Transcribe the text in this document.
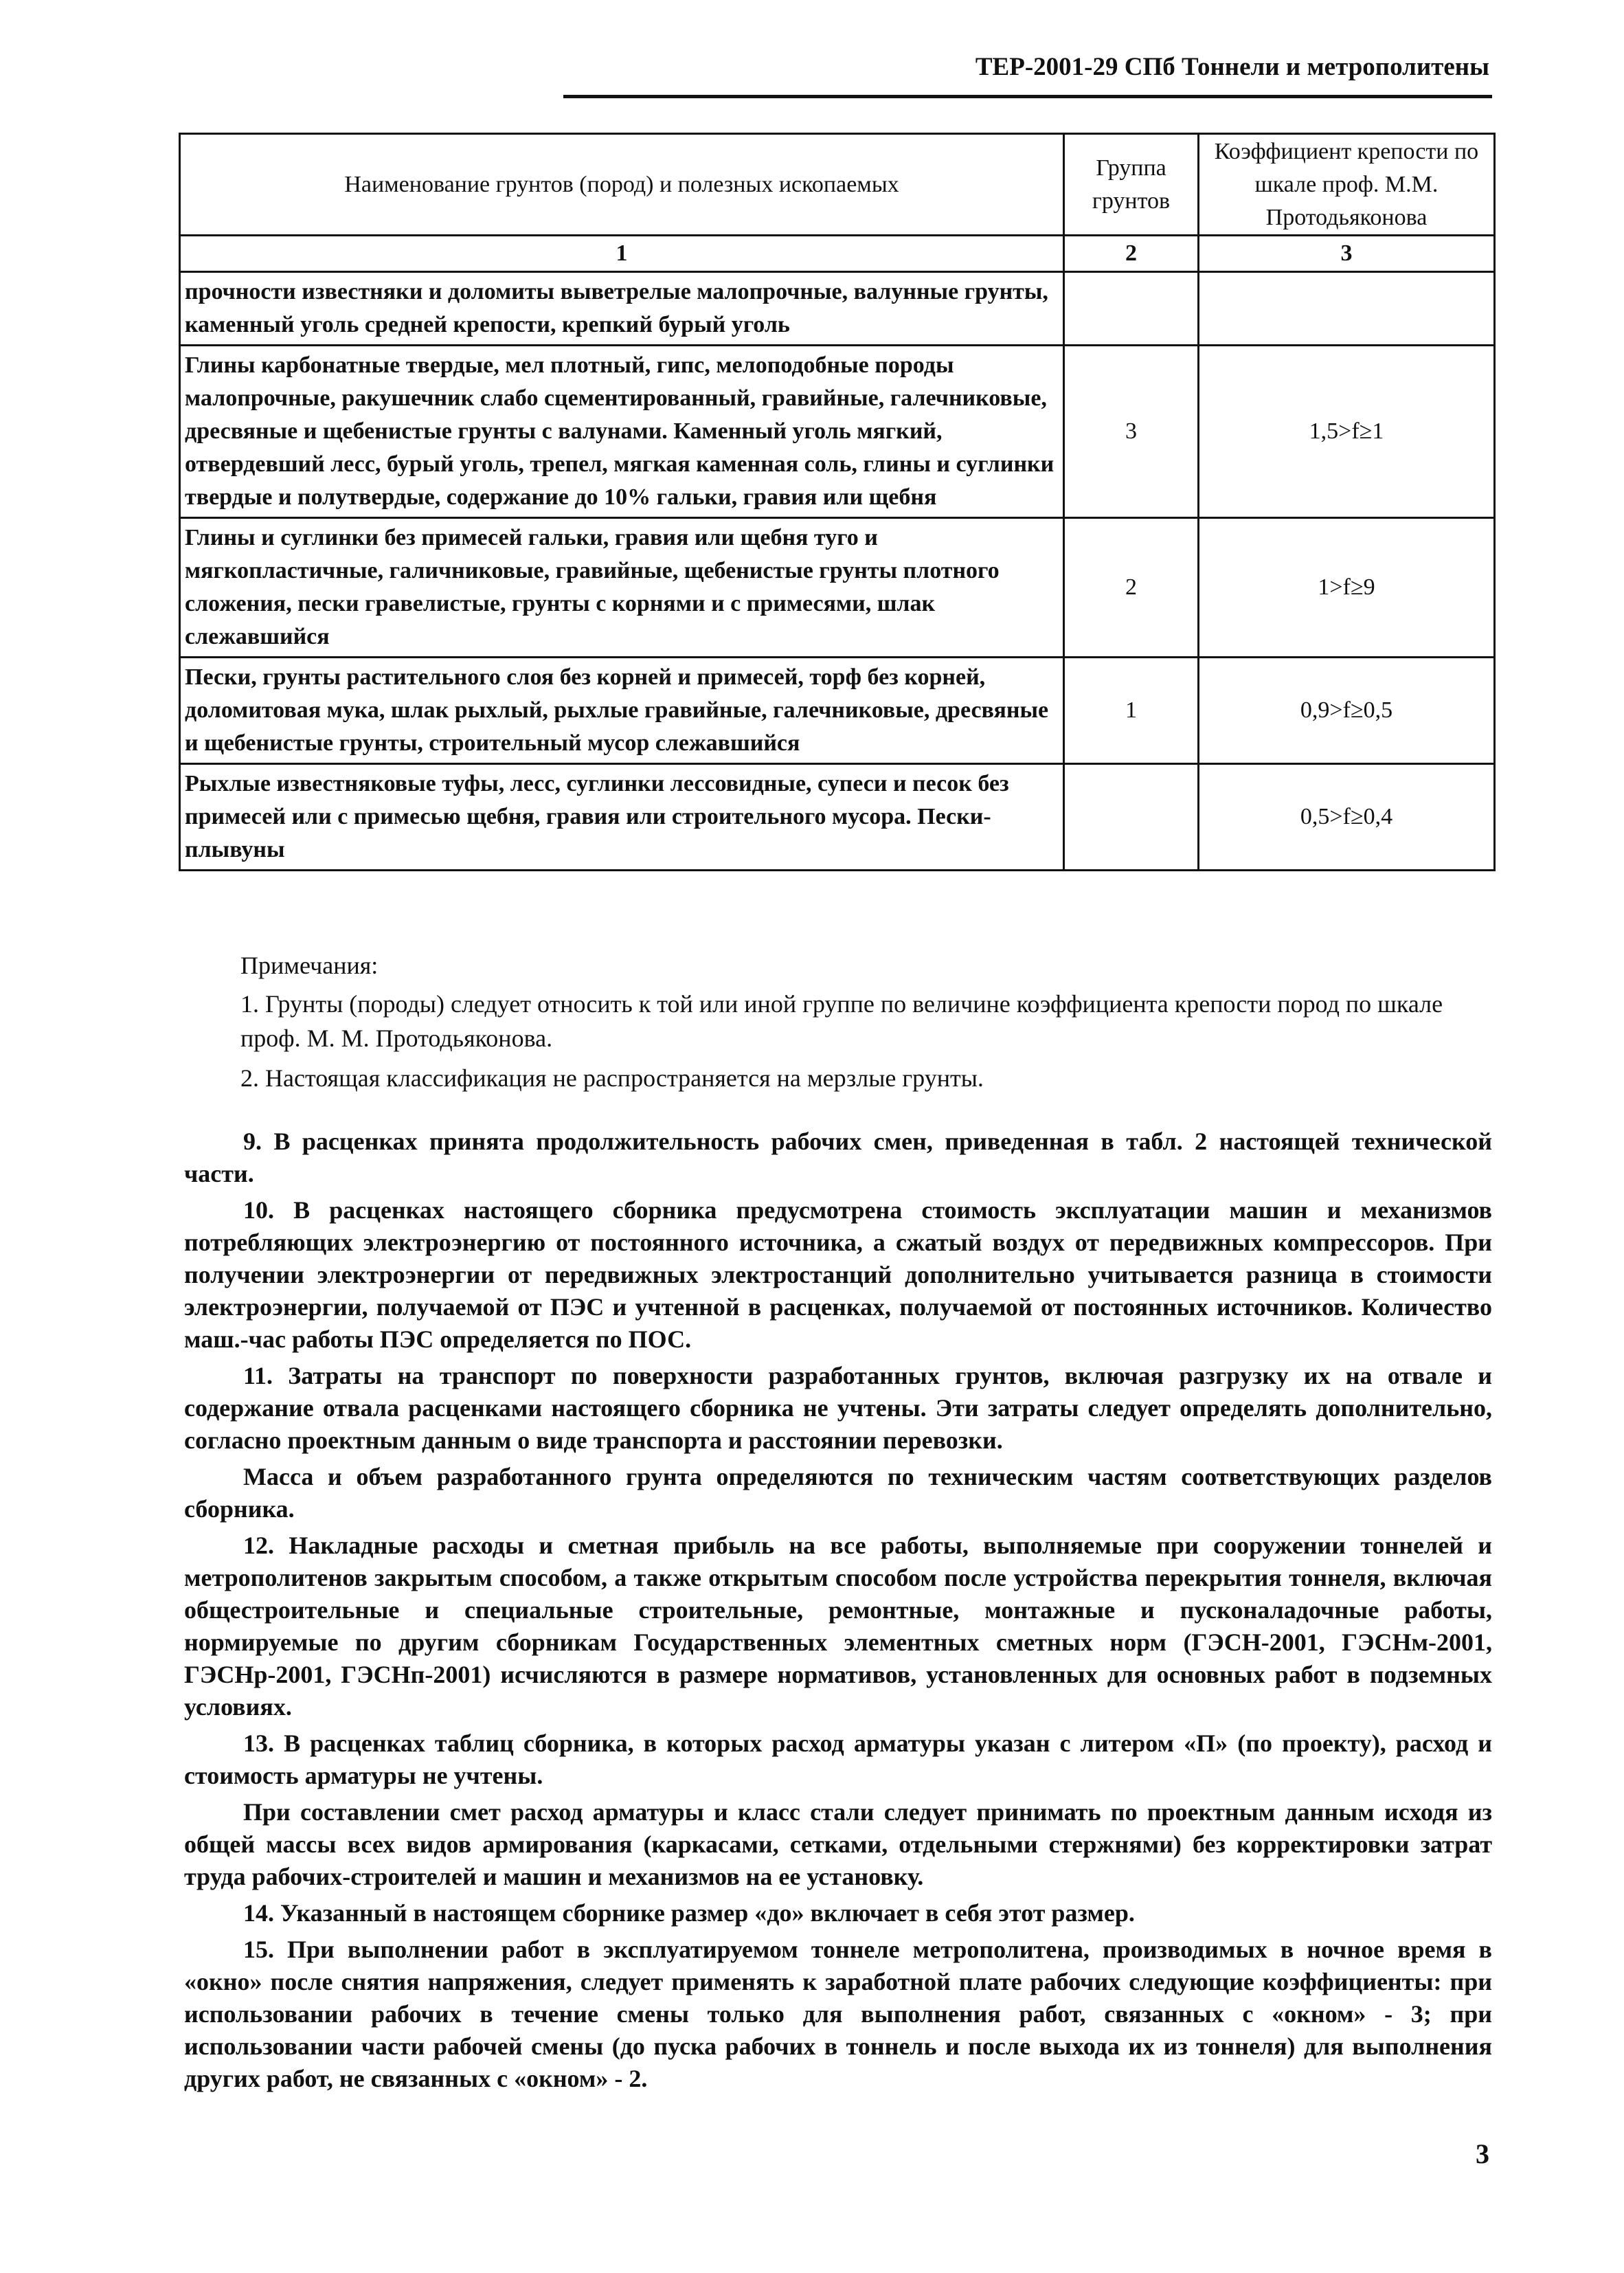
ТЕР-2001-29 СПб Тоннели и метрополитены
Наименование грунтов (пород) и полезных ископаемых	Группа грунтов	Коэффициент крепости по шкале проф. М.М. Протодьяконова
1	2	3
прочности известняки и доломиты выветрелые малопрочные, валунные грунты, каменный уголь средней крепости, крепкий бурый уголь		
Глины карбонатные твердые, мел плотный, гипс, мелоподобные породы малопрочные, ракушечник слабо сцементированный, гравийные, галечниковые, дресвяные и щебенистые грунты с валунами. Каменный уголь мягкий, отвердевший лесс, бурый уголь, трепел, мягкая каменная соль, глины и суглинки твердые и полутвердые, содержание до 10% гальки, гравия или щебня	3	1,5>f≥1
Глины и суглинки без примесей гальки, гравия или щебня туго и мягкопластичные, галичниковые, гравийные, щебенистые грунты плотного сложения, пески гравелистые, грунты с корнями и с примесями, шлак слежавшийся	2	1>f≥9
Пески, грунты растительного слоя без корней и примесей, торф без корней, доломитовая мука, шлак рыхлый, рыхлые гравийные, галечниковые, дресвяные и щебенистые грунты, строительный мусор слежавшийся	1	0,9>f≥0,5
Рыхлые известняковые туфы, лесс, суглинки лессовидные, супеси и песок без примесей или с примесью щебня, гравия или строительного мусора. Пески-плывуны		0,5>f≥0,4

Примечания:

1. Грунты (породы) следует относить к той или иной группе по величине коэффициента крепости пород по шкале проф. М. М. Протодьяконова.

2. Настоящая классификация не распространяется на мерзлые грунты.

9. В расценках принята продолжительность рабочих смен, приведенная в табл. 2 настоящей технической части.

10. В расценках настоящего сборника предусмотрена стоимость эксплуатации машин и механизмов потребляющих электроэнергию от постоянного источника, а сжатый воздух от передвижных компрессоров. При получении электроэнергии от передвижных электростанций дополнительно учитывается разница в стоимости электроэнергии, получаемой от ПЭС и учтенной в расценках, получаемой от постоянных источников. Количество маш.-час работы ПЭС определяется по ПОС.

11. Затраты на транспорт по поверхности разработанных грунтов, включая разгрузку их на отвале и содержание отвала расценками настоящего сборника не учтены. Эти затраты следует определять дополнительно, согласно проектным данным о виде транспорта и расстоянии перевозки.

Масса и объем разработанного грунта определяются по техническим частям соответствующих разделов сборника.

12. Накладные расходы и сметная прибыль на все работы, выполняемые при сооружении тоннелей и метрополитенов закрытым способом, а также открытым способом после устройства перекрытия тоннеля, включая общестроительные и специальные строительные, ремонтные, монтажные и пусконаладочные работы, нормируемые по другим сборникам Государственных элементных сметных норм (ГЭСН-2001, ГЭСНм-2001, ГЭСНр-2001, ГЭСНп-2001) исчисляются в размере нормативов, установленных для основных работ в подземных условиях.

13. В расценках таблиц сборника, в которых расход арматуры указан с литером «П» (по проекту), расход и стоимость арматуры не учтены.

При составлении смет расход арматуры и класс стали следует принимать по проектным данным исходя из общей массы всех видов армирования (каркасами, сетками, отдельными стержнями) без корректировки затрат труда рабочих-строителей и машин и механизмов на ее установку.

14. Указанный в настоящем сборнике размер «до» включает в себя этот размер.

15. При выполнении работ в эксплуатируемом тоннеле метрополитена, производимых в ночное время в «окно» после снятия напряжения, следует применять к заработной плате рабочих следующие коэффициенты: при использовании рабочих в течение смены только для выполнения работ, связанных с «окном» - 3; при использовании части рабочей смены (до пуска рабочих в тоннель и после выхода их из тоннеля) для выполнения других работ, не связанных с «окном» - 2.

3
